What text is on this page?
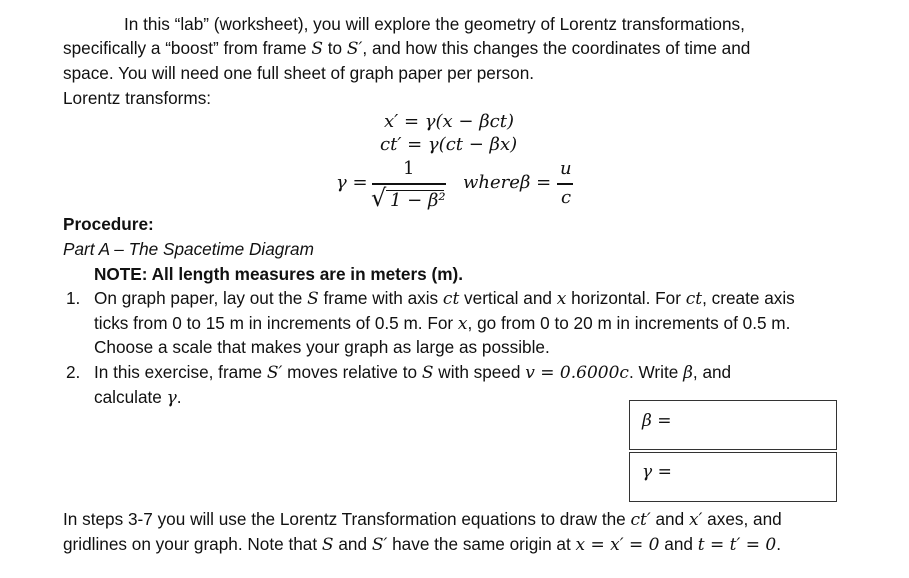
In this “lab” (worksheet), you will explore the geometry of Lorentz transformations,
specifically a “boost” from frame S to S′, and how this changes the coordinates of time and
space. You will need one full sheet of graph paper per person.
Lorentz transforms:
x′ = γ(x − βct)
ct′ = γ(ct − βx)
γ =
1
√ 1 − β²
where β =
u
c
Procedure:
Part A – The Spacetime Diagram
NOTE: All length measures are in meters (m).
1. On graph paper, lay out the S frame with axis ct vertical and x horizontal. For ct, create axis
ticks from 0 to 15 m in increments of 0.5 m. For x, go from 0 to 20 m in increments of 0.5 m.
Choose a scale that makes your graph as large as possible.
2. In this exercise, frame S′ moves relative to S with speed v = 0.6000c. Write β, and
calculate γ.
β =
γ =
In steps 3-7 you will use the Lorentz Transformation equations to draw the ct′ and x′ axes, and
gridlines on your graph. Note that S and S′ have the same origin at x = x′ = 0 and t = t′ = 0.
